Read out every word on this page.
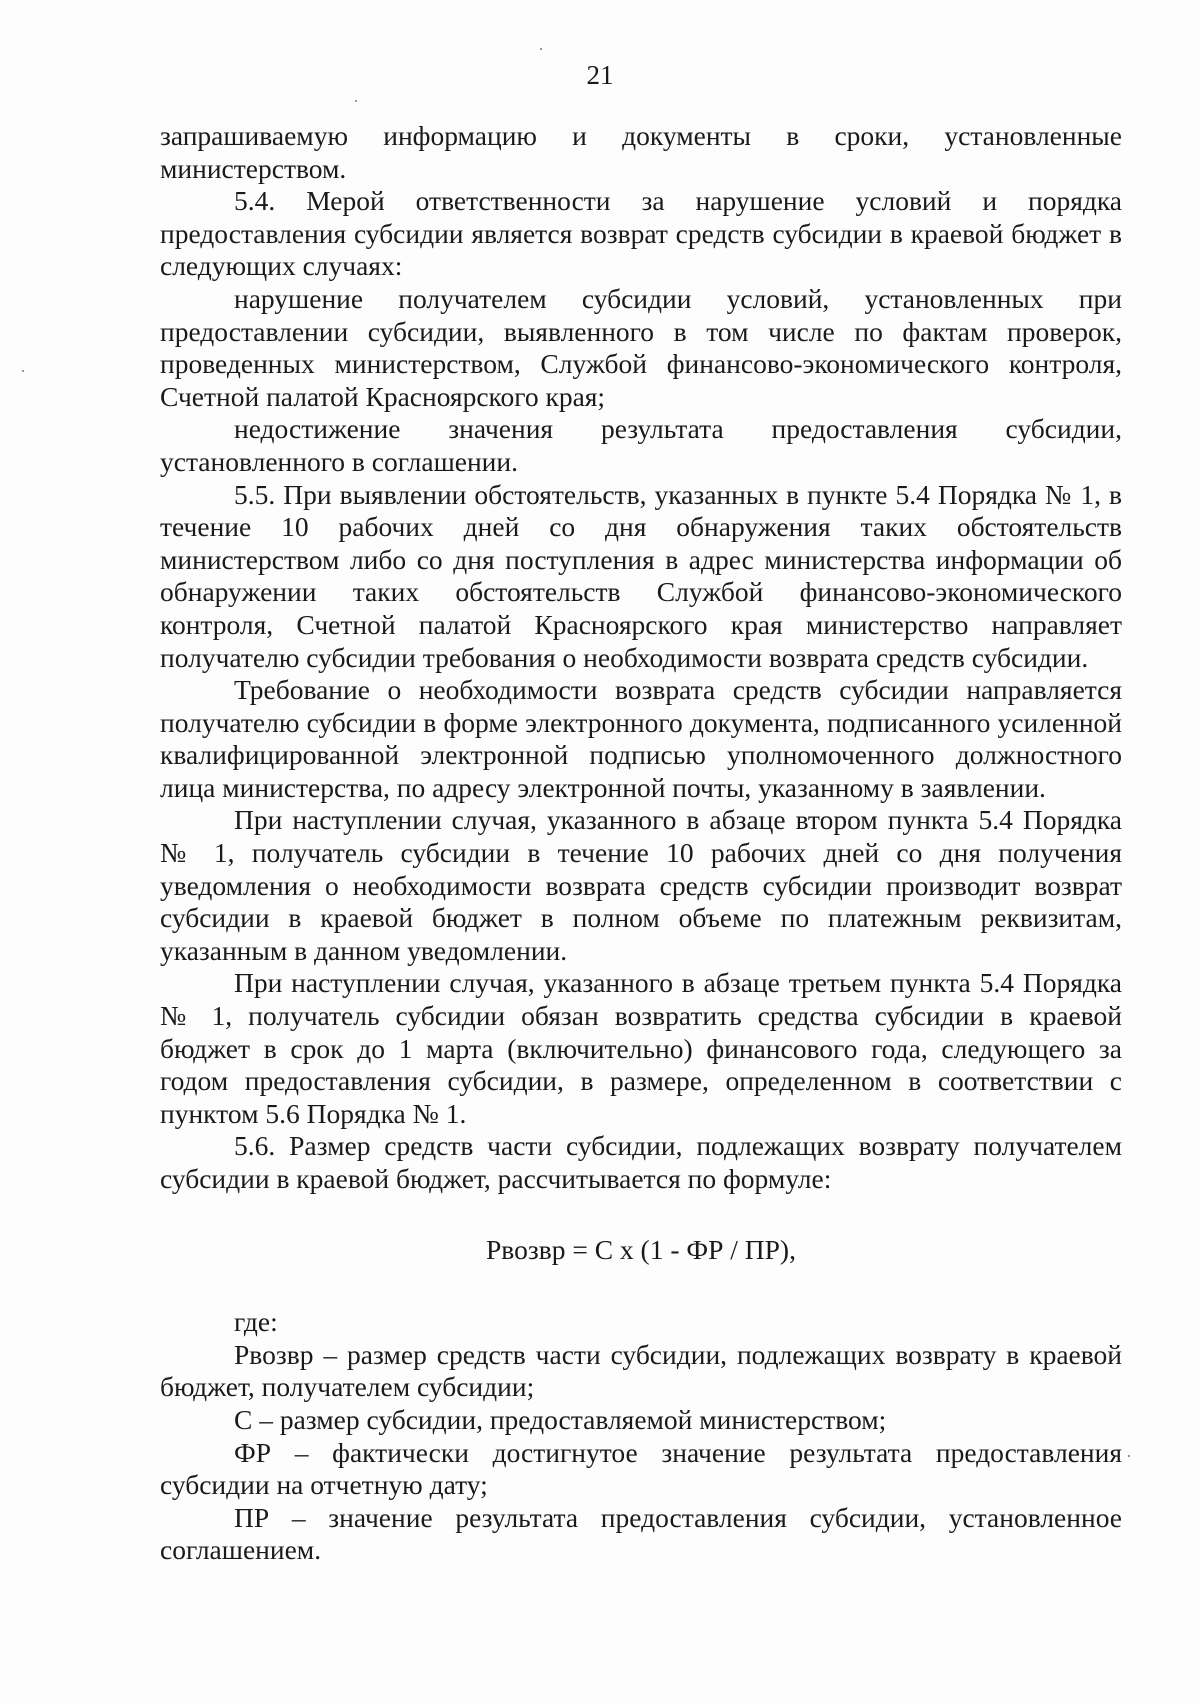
21

запрашиваемую информацию и документы в сроки, установленные министерством.

5.4. Мерой ответственности за нарушение условий и порядка предоставления субсидии является возврат средств субсидии в краевой бюджет в следующих случаях:

нарушение получателем субсидии условий, установленных при предоставлении субсидии, выявленного в том числе по фактам проверок, проведенных министерством, Службой финансово-экономического контроля, Счетной палатой Красноярского края;

недостижение значения результата предоставления субсидии, установленного в соглашении.

5.5. При выявлении обстоятельств, указанных в пункте 5.4 Порядка № 1, в течение 10 рабочих дней со дня обнаружения таких обстоятельств министерством либо со дня поступления в адрес министерства информации об обнаружении таких обстоятельств Службой финансово-экономического контроля, Счетной палатой Красноярского края министерство направляет получателю субсидии требования о необходимости возврата средств субсидии.

Требование о необходимости возврата средств субсидии направляется получателю субсидии в форме электронного документа, подписанного усиленной квалифицированной электронной подписью уполномоченного должностного лица министерства, по адресу электронной почты, указанному в заявлении.

При наступлении случая, указанного в абзаце втором пункта 5.4 Порядка № 1, получатель субсидии в течение 10 рабочих дней со дня получения уведомления о необходимости возврата средств субсидии производит возврат субсидии в краевой бюджет в полном объеме по платежным реквизитам, указанным в данном уведомлении.

При наступлении случая, указанного в абзаце третьем пункта 5.4 Порядка № 1, получатель субсидии обязан возвратить средства субсидии в краевой бюджет в срок до 1 марта (включительно) финансового года, следующего за годом предоставления субсидии, в размере, определенном в соответствии с пунктом 5.6 Порядка № 1.

5.6. Размер средств части субсидии, подлежащих возврату получателем субсидии в краевой бюджет, рассчитывается по формуле:

Рвозвр = С х (1 - ФР / ПР),

где:

Рвозвр – размер средств части субсидии, подлежащих возврату в краевой бюджет, получателем субсидии;

С – размер субсидии, предоставляемой министерством;

ФР – фактически достигнутое значение результата предоставления субсидии на отчетную дату;

ПР – значение результата предоставления субсидии, установленное соглашением.
